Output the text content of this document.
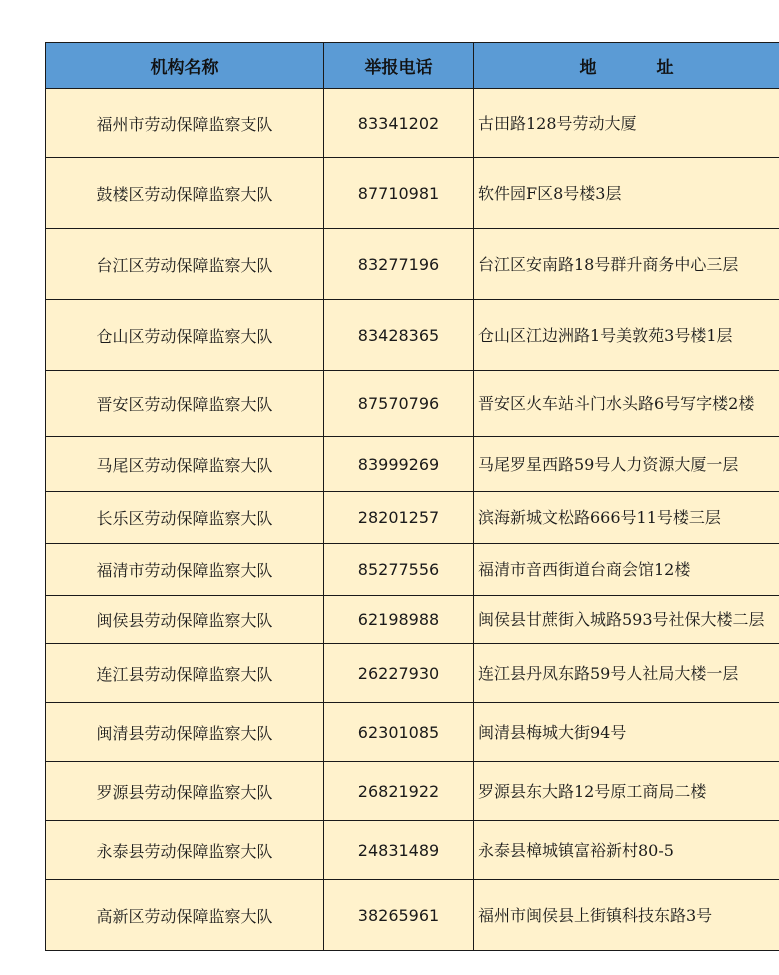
机构名称	举报电话	地 址
福州市劳动保障监察支队	83341202	古田路128号劳动大厦
鼓楼区劳动保障监察大队	87710981	软件园F区8号楼3层
台江区劳动保障监察大队	83277196	台江区安南路18号群升商务中心三层
仓山区劳动保障监察大队	83428365	仓山区江边洲路1号美敦苑3号楼1层
晋安区劳动保障监察大队	87570796	晋安区火车站斗门水头路6号写字楼2楼
马尾区劳动保障监察大队	83999269	马尾罗星西路59号人力资源大厦一层
长乐区劳动保障监察大队	28201257	滨海新城文松路666号11号楼三层
福清市劳动保障监察大队	85277556	福清市音西街道台商会馆12楼
闽侯县劳动保障监察大队	62198988	闽侯县甘蔗街入城路593号社保大楼二层
连江县劳动保障监察大队	26227930	连江县丹凤东路59号人社局大楼一层
闽清县劳动保障监察大队	62301085	闽清县梅城大街94号
罗源县劳动保障监察大队	26821922	罗源县东大路12号原工商局二楼
永泰县劳动保障监察大队	24831489	永泰县樟城镇富裕新村80-5
高新区劳动保障监察大队	38265961	福州市闽侯县上街镇科技东路3号
